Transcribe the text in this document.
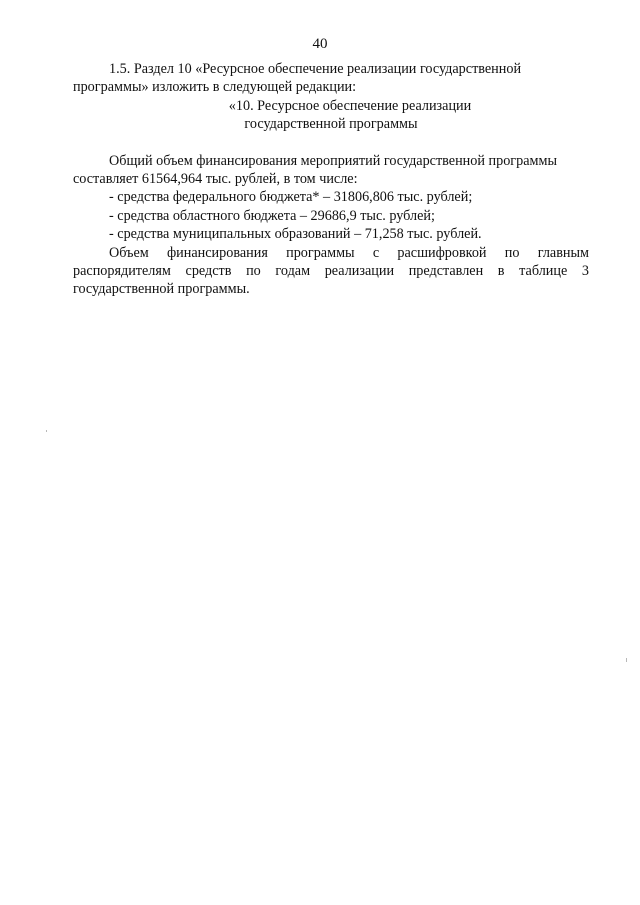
40

1.5. Раздел 10 «Ресурсное обеспечение реализации государственной
программы» изложить в следующей редакции:

«10. Ресурсное обеспечение реализации

государственной программы

Общий объем финансирования мероприятий государственной программы
составляет 61564,964 тыс. рублей, в том числе:

- средства федерального бюджета* – 31806,806 тыс. рублей;

- средства областного бюджета – 29686,9 тыс. рублей;

- средства муниципальных образований – 71,258 тыс. рублей.

Объем финансирования программы с расшифровкой по главным распорядителям средств по годам реализации представлен в таблице 3 государственной программы.
